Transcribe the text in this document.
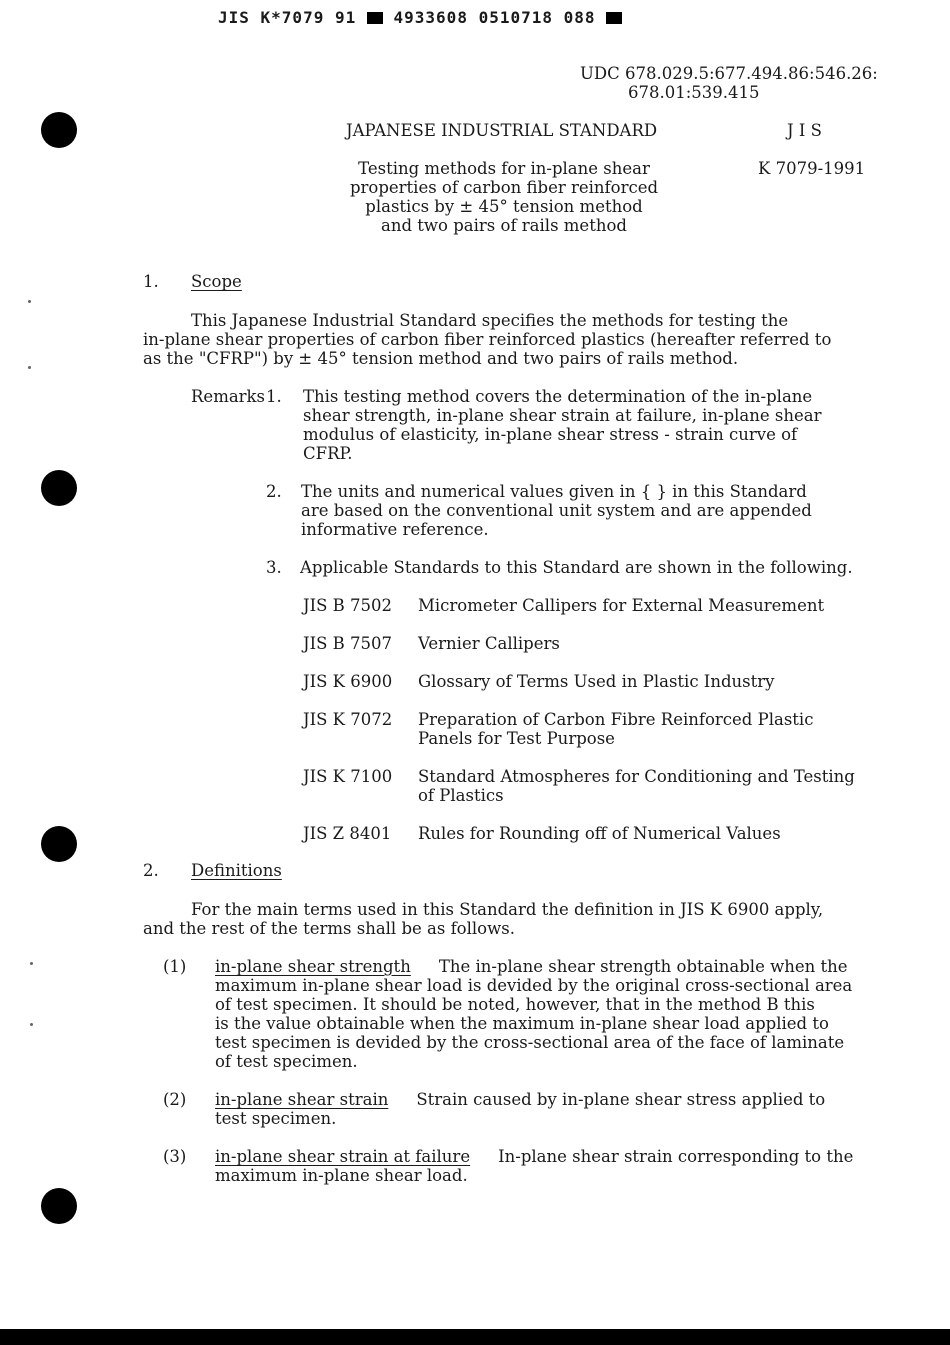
JIS K*7079 91 4933608 0510718 088
UDC 678.029.5:677.494.86:546.26:
678.01:539.415
JAPANESE INDUSTRIAL STANDARD	J I S
K 7079-1991
Testing methods for in-plane shear
properties of carbon fiber reinforced
plastics by ± 45° tension method
and two pairs of rails method
1. Scope
This Japanese Industrial Standard specifies the methods for testing the
in-plane shear properties of carbon fiber reinforced plastics (hereafter referred to
as the "CFRP") by ± 45° tension method and two pairs of rails method.
Remarks 1. This testing method covers the determination of the in-plane
shear strength, in-plane shear strain at failure, in-plane shear
modulus of elasticity, in-plane shear stress - strain curve of
CFRP.
2. The units and numerical values given in { } in this Standard
are based on the conventional unit system and are appended
informative reference.
3. Applicable Standards to this Standard are shown in the following.
JIS B 7502 Micrometer Callipers for External Measurement
JIS B 7507 Vernier Callipers
JIS K 6900 Glossary of Terms Used in Plastic Industry
JIS K 7072 Preparation of Carbon Fibre Reinforced Plastic
Panels for Test Purpose
JIS K 7100 Standard Atmospheres for Conditioning and Testing
of Plastics
JIS Z 8401 Rules for Rounding off of Numerical Values
2. Definitions
For the main terms used in this Standard the definition in JIS K 6900 apply,
and the rest of the terms shall be as follows.
(1) in-plane shear strength The in-plane shear strength obtainable when the
maximum in-plane shear load is devided by the original cross-sectional area
of test specimen. It should be noted, however, that in the method B this
is the value obtainable when the maximum in-plane shear load applied to
test specimen is devided by the cross-sectional area of the face of laminate
of test specimen.
(2) in-plane shear strain Strain caused by in-plane shear stress applied to
test specimen.
(3) in-plane shear strain at failure In-plane shear strain corresponding to the
maximum in-plane shear load.
